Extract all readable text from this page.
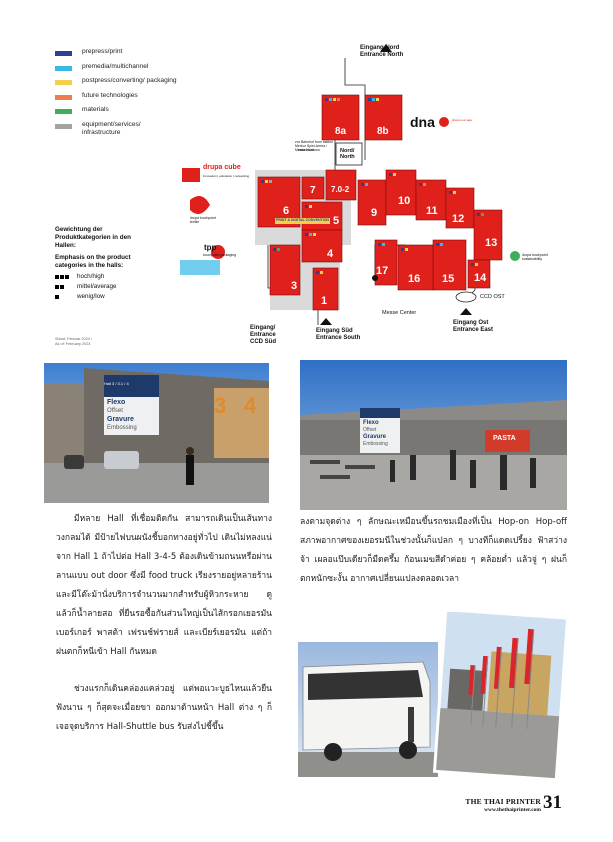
prepress/print
premedia/multichannel
postpress/converting/ packaging
future technologies
materials
equipment/services/ infrastructure
Gewichtung der Produktkategorien in den Hallen:
Emphasis on the product categories in the halls:
hoch/high
mittel/average
wenig/low
Stand: Februar 2024 / As of: February 2024
Eingang Nord Entrance North
Nord/ North
zur Bahnhof from station Merkur Spiel-Arena / Messe Nord
drupa cube
innovation | education | networking
dna	drupa next age
drupa touchpoint textile
tpp
touchpoint packaging
PRINT & DIGITAL CONVENTION
drupa touchpoint sustainability
Messe Center
CCD OST
Eingang Ost Entrance East
Eingang Süd Entrance South
Eingang/ Entrance CCD Süd
8a	8b
7 7.0-2
6
5
4
3
1
9
10
11
12
13
14
15
16
17
3 4
Hall 3 / 3.1 / 4
Flexo
Offset
Gravure
Embossing
Flexo
Offset
Gravure
Embossing
PASTA

มีหลาย Hall ที่เชื่อมติดกัน สามารถเดินเป็นเส้นทางวงกลมได้ มีป้ายไฟบนผนังชี้บอกทางอยู่ทั่วไป เดินไม่หลงแน่ จาก Hall 1 ถ้าไปต่อ Hall 3-4-5 ต้องเดินข้ามถนนหรือผ่านลานแบบ out door ซึ่งมี food truck เรียงรายอยู่หลายร้าน และมีโต๊ะม้านั่งบริการจำนวนมากสำหรับผู้หิวกระหาย ดูแล้วก็น้ำลายสอ ที่ยืนรอซื้อกันส่วนใหญ่เป็นไส้กรอกเยอรมัน เบอร์เกอร์ พาสต้า เฟรนช์ฟรายส์ และเบียร์เยอรมัน แต่ถ้าฝนตกก็หนีเข้า Hall กันหมด

ช่วงแรกก็เดินคล่องแคล่วอยู่ แต่พอแวะบูธไหนแล้วยืนฟังนาน ๆ ก็สุดจะเมื่อยขา ออกมาด้านหน้า Hall ต่าง ๆ ก็เจอจุดบริการ Hall-Shuttle bus รับส่งไปชี้ขึ้น

ลงตามจุดต่าง ๆ ลักษณะเหมือนขึ้นรถชมเมืองที่เป็น Hop-on Hop-off สภาพอากาศของเยอรมนีในช่วงนั้นก็แปลก ๆ บางทีก็แดดเปรี้ยง ฟ้าสว่างจ้า เผลอแป๊บเดียวก็มืดครึ้ม ก้อนเมฆสีดำค่อย ๆ คล้อยต่ำ แล้วจู่ ๆ ฝนก็ตกหนักซะงั้น อากาศเปลี่ยนแปลงตลอดเวลา

THE THAI PRINTER
www.thethaiprinter.com 31
